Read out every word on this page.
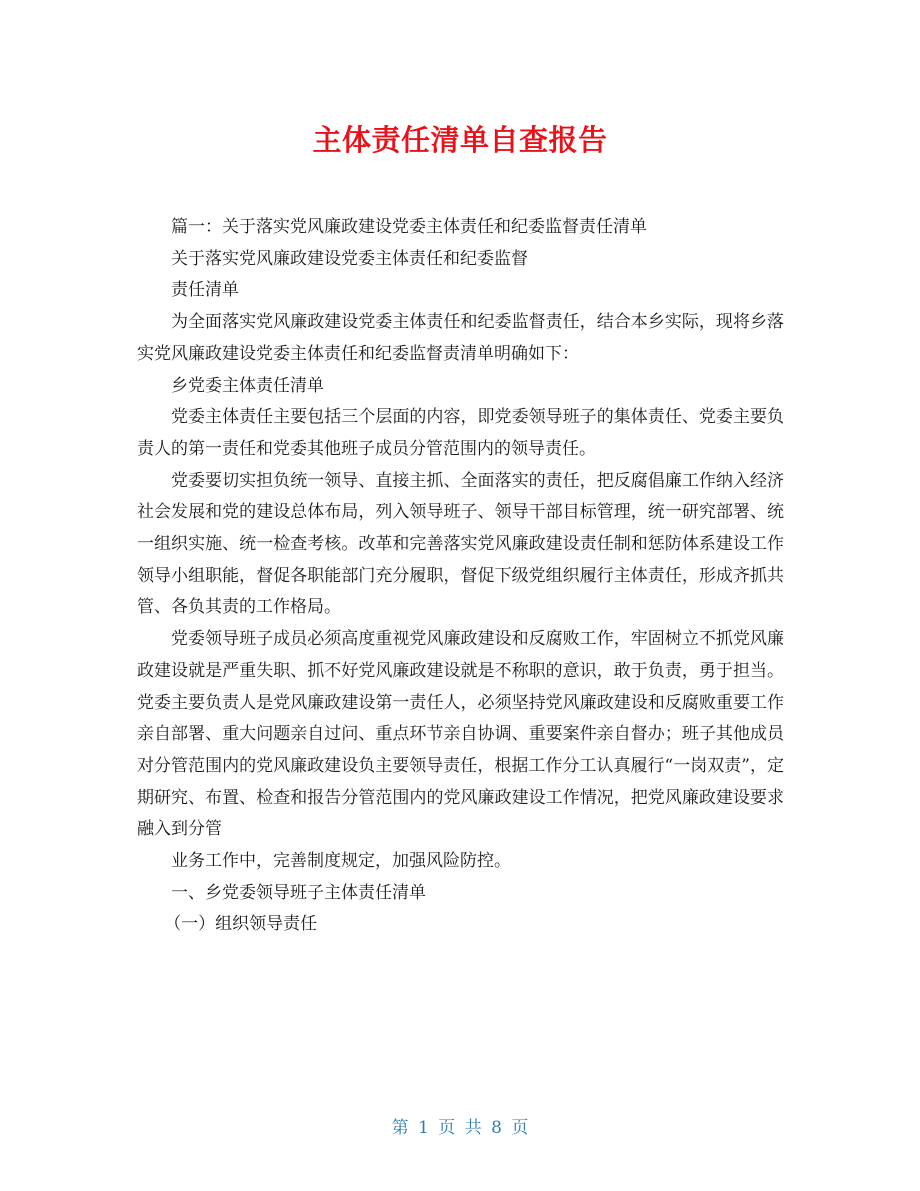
主体责任清单自查报告

篇一：关于落实党风廉政建设党委主体责任和纪委监督责任清单

关于落实党风廉政建设党委主体责任和纪委监督

责任清单

为全面落实党风廉政建设党委主体责任和纪委监督责任，结合本乡实际，现将乡落实党风廉政建设党委主体责任和纪委监督责清单明确如下：

乡党委主体责任清单

党委主体责任主要包括三个层面的内容，即党委领导班子的集体责任、党委主要负责人的第一责任和党委其他班子成员分管范围内的领导责任。

党委要切实担负统一领导、直接主抓、全面落实的责任，把反腐倡廉工作纳入经济社会发展和党的建设总体布局，列入领导班子、领导干部目标管理，统一研究部署、统一组织实施、统一检查考核。改革和完善落实党风廉政建设责任制和惩防体系建设工作领导小组职能，督促各职能部门充分履职，督促下级党组织履行主体责任，形成齐抓共管、各负其责的工作格局。

党委领导班子成员必须高度重视党风廉政建设和反腐败工作，牢固树立不抓党风廉政建设就是严重失职、抓不好党风廉政建设就是不称职的意识，敢于负责，勇于担当。党委主要负责人是党风廉政建设第一责任人，必须坚持党风廉政建设和反腐败重要工作亲自部署、重大问题亲自过问、重点环节亲自协调、重要案件亲自督办；班子其他成员对分管范围内的党风廉政建设负主要领导责任，根据工作分工认真履行“一岗双责”，定期研究、布置、检查和报告分管范围内的党风廉政建设工作情况，把党风廉政建设要求融入到分管

业务工作中，完善制度规定，加强风险防控。

一、乡党委领导班子主体责任清单

（一）组织领导责任

第 1 页 共 8 页
